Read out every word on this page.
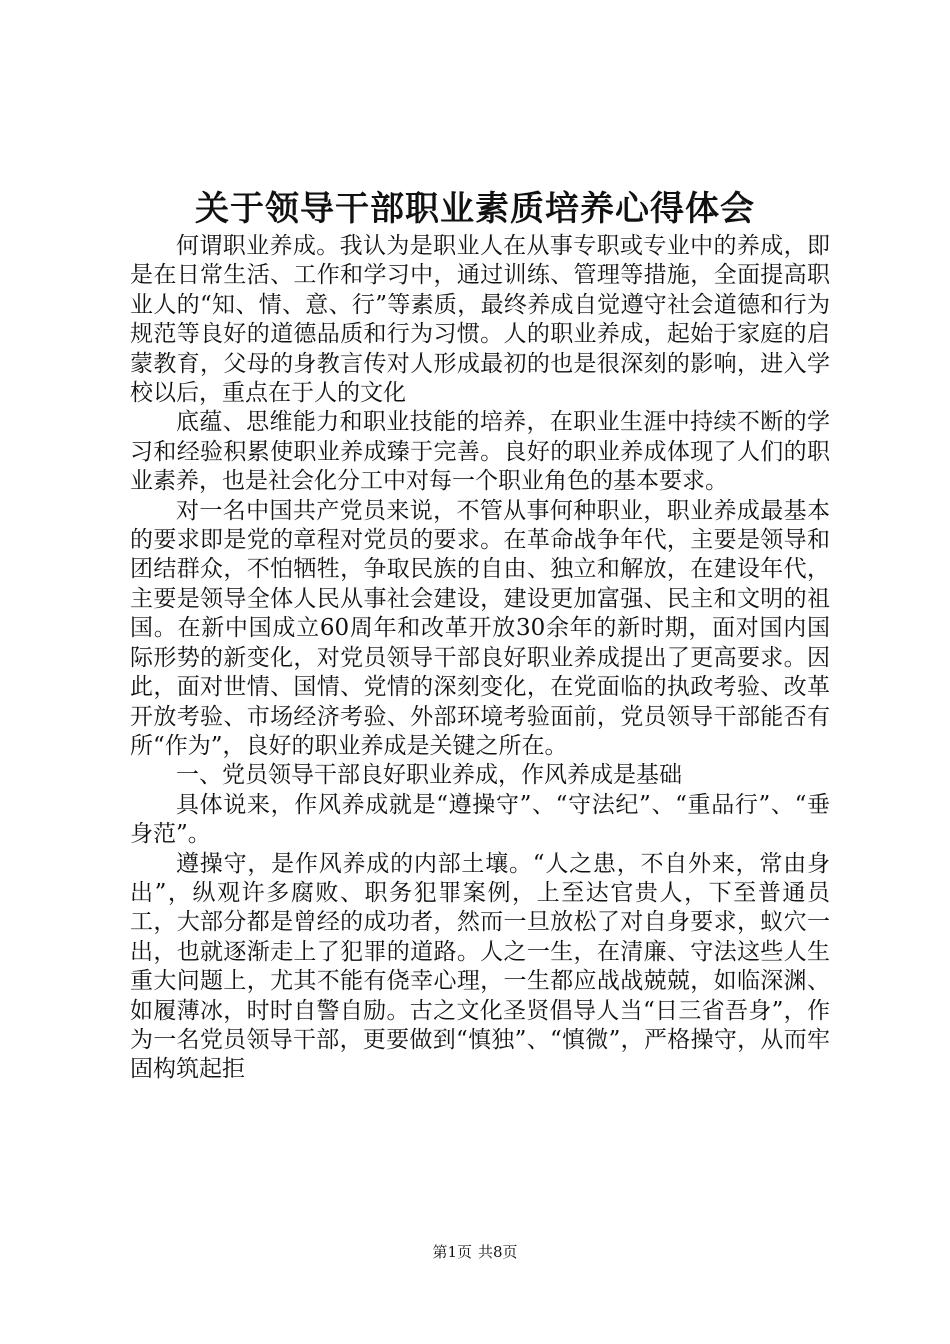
关于领导干部职业素质培养心得体会

何谓职业养成。我认为是职业人在从事专职或专业中的养成，即是在日常生活、工作和学习中，通过训练、管理等措施，全面提高职业人的“知、情、意、行”等素质，最终养成自觉遵守社会道德和行为规范等良好的道德品质和行为习惯。人的职业养成，起始于家庭的启蒙教育，父母的身教言传对人形成最初的也是很深刻的影响，进入学校以后，重点在于人的文化

底蕴、思维能力和职业技能的培养，在职业生涯中持续不断的学习和经验积累使职业养成臻于完善。良好的职业养成体现了人们的职业素养，也是社会化分工中对每一个职业角色的基本要求。

对一名中国共产党员来说，不管从事何种职业，职业养成最基本的要求即是党的章程对党员的要求。在革命战争年代，主要是领导和团结群众，不怕牺牲，争取民族的自由、独立和解放，在建设年代，主要是领导全体人民从事社会建设，建设更加富强、民主和文明的祖国。在新中国成立60周年和改革开放30余年的新时期，面对国内国际形势的新变化，对党员领导干部良好职业养成提出了更高要求。因此，面对世情、国情、党情的深刻变化，在党面临的执政考验、改革开放考验、市场经济考验、外部环境考验面前，党员领导干部能否有所“作为”，良好的职业养成是关键之所在。

一、党员领导干部良好职业养成，作风养成是基础

具体说来，作风养成就是“遵操守”、“守法纪”、“重品行”、“垂身范”。

遵操守，是作风养成的内部土壤。“人之患，不自外来，常由身出”，纵观许多腐败、职务犯罪案例，上至达官贵人，下至普通员工，大部分都是曾经的成功者，然而一旦放松了对自身要求，蚁穴一出，也就逐渐走上了犯罪的道路。人之一生，在清廉、守法这些人生重大问题上，尤其不能有侥幸心理，一生都应战战兢兢，如临深渊、如履薄冰，时时自警自励。古之文化圣贤倡导人当“日三省吾身”，作为一名党员领导干部，更要做到“慎独”、“慎微”，严格操守，从而牢固构筑起拒

第1页 共8页
